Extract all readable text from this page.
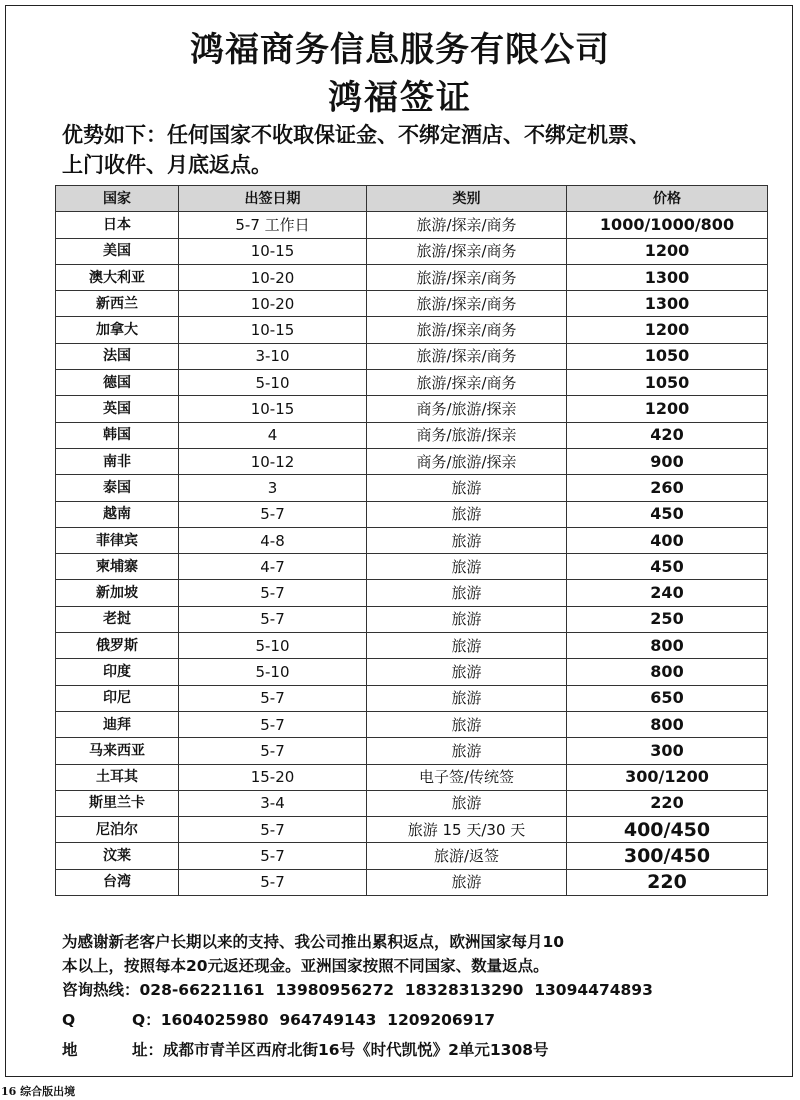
鸿福商务信息服务有限公司
鸿福签证
优势如下：任何国家不收取保证金、不绑定酒店、不绑定机票、
上门收件、月底返点。
国家	出签日期	类别	价格
日本	5-7 工作日	旅游/探亲/商务	1000/1000/800
美国	10-15	旅游/探亲/商务	1200
澳大利亚	10-20	旅游/探亲/商务	1300
新西兰	10-20	旅游/探亲/商务	1300
加拿大	10-15	旅游/探亲/商务	1200
法国	3-10	旅游/探亲/商务	1050
德国	5-10	旅游/探亲/商务	1050
英国	10-15	商务/旅游/探亲	1200
韩国	4	商务/旅游/探亲	420
南非	10-12	商务/旅游/探亲	900
泰国	3	旅游	260
越南	5-7	旅游	450
菲律宾	4-8	旅游	400
柬埔寨	4-7	旅游	450
新加坡	5-7	旅游	240
老挝	5-7	旅游	250
俄罗斯	5-10	旅游	800
印度	5-10	旅游	800
印尼	5-7	旅游	650
迪拜	5-7	旅游	800
马来西亚	5-7	旅游	300
土耳其	15-20	电子签/传统签	300/1200
斯里兰卡	3-4	旅游	220
尼泊尔	5-7	旅游 15 天/30 天	400/450
汶莱	5-7	旅游/返签	300/450
台湾	5-7	旅游	220
为感谢新老客户长期以来的支持、我公司推出累积返点，欧洲国家每月10
本以上，按照每本20元返还现金。亚洲国家按照不同国家、数量返点。
咨询热线：028-66221161  13980956272  18328313290  13094474893
Q	Q：1604025980  964749143  1209206917
地	址：成都市青羊区西府北街16号《时代凯悦》2单元1308号
16 综合版出境
